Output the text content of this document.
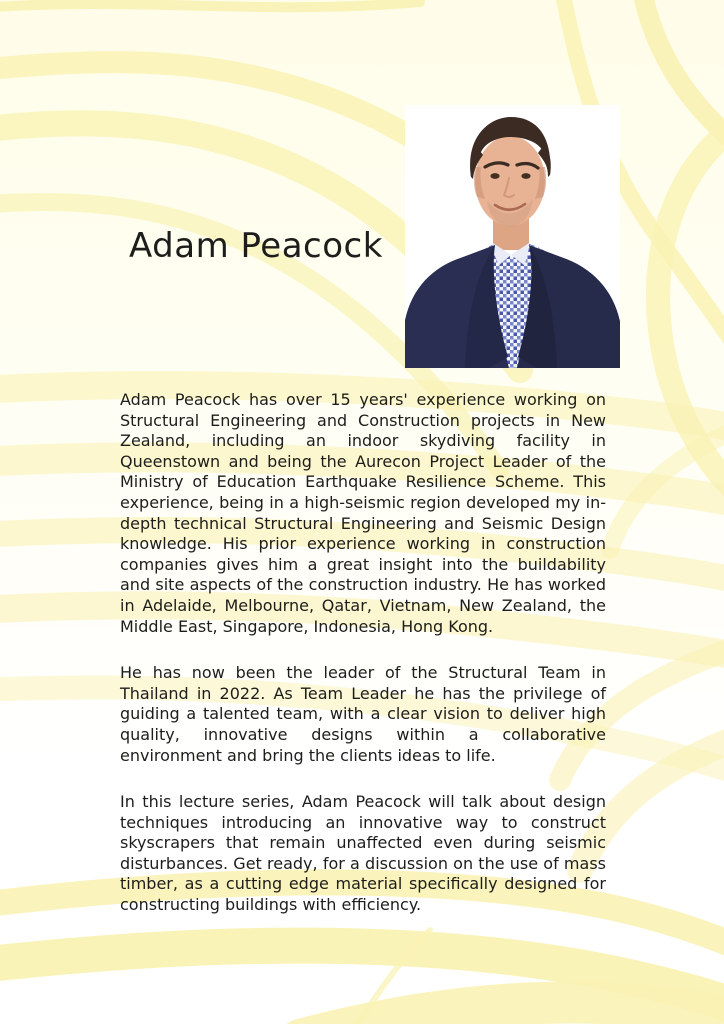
Adam Peacock

Adam Peacock has over 15 years' experience working on Structural Engineering and Construction projects in New Zealand, including an indoor skydiving facility in Queenstown and being the Aurecon Project Leader of the Ministry of Education Earthquake Resilience Scheme. This experience, being in a high-seismic region developed my in-depth technical Structural Engineering and Seismic Design knowledge. His prior experience working in construction companies gives him a great insight into the buildability and site aspects of the construction industry. He has worked in Adelaide, Melbourne, Qatar, Vietnam, New Zealand, the Middle East, Singapore, Indonesia, Hong Kong.

He has now been the leader of the Structural Team in Thailand in 2022. As Team Leader he has the privilege of guiding a talented team, with a clear vision to deliver high quality, innovative designs within a collaborative environment and bring the clients ideas to life.

In this lecture series, Adam Peacock will talk about design techniques introducing an innovative way to construct skyscrapers that remain unaffected even during seismic disturbances. Get ready, for a discussion on the use of mass timber, as a cutting edge material specifically designed for constructing buildings with efficiency.
